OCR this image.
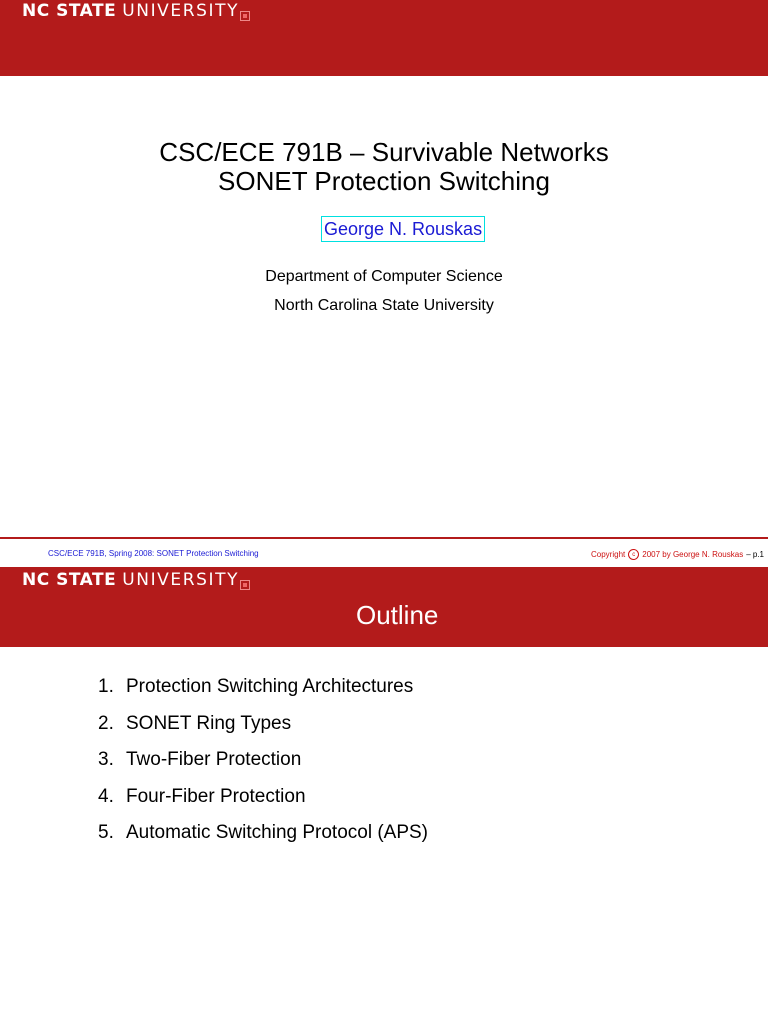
NC STATE UNIVERSITY
CSC/ECE 791B – Survivable Networks
SONET Protection Switching
George N. Rouskas
Department of Computer Science
North Carolina State University
CSC/ECE 791B, Spring 2008: SONET Protection Switching	Copyright	c 2007 by George N. Rouskas – p.1
NC STATE UNIVERSITY
Outline
1. Protection Switching Architectures
2. SONET Ring Types
3. Two-Fiber Protection
4. Four-Fiber Protection
5. Automatic Switching Protocol (APS)
